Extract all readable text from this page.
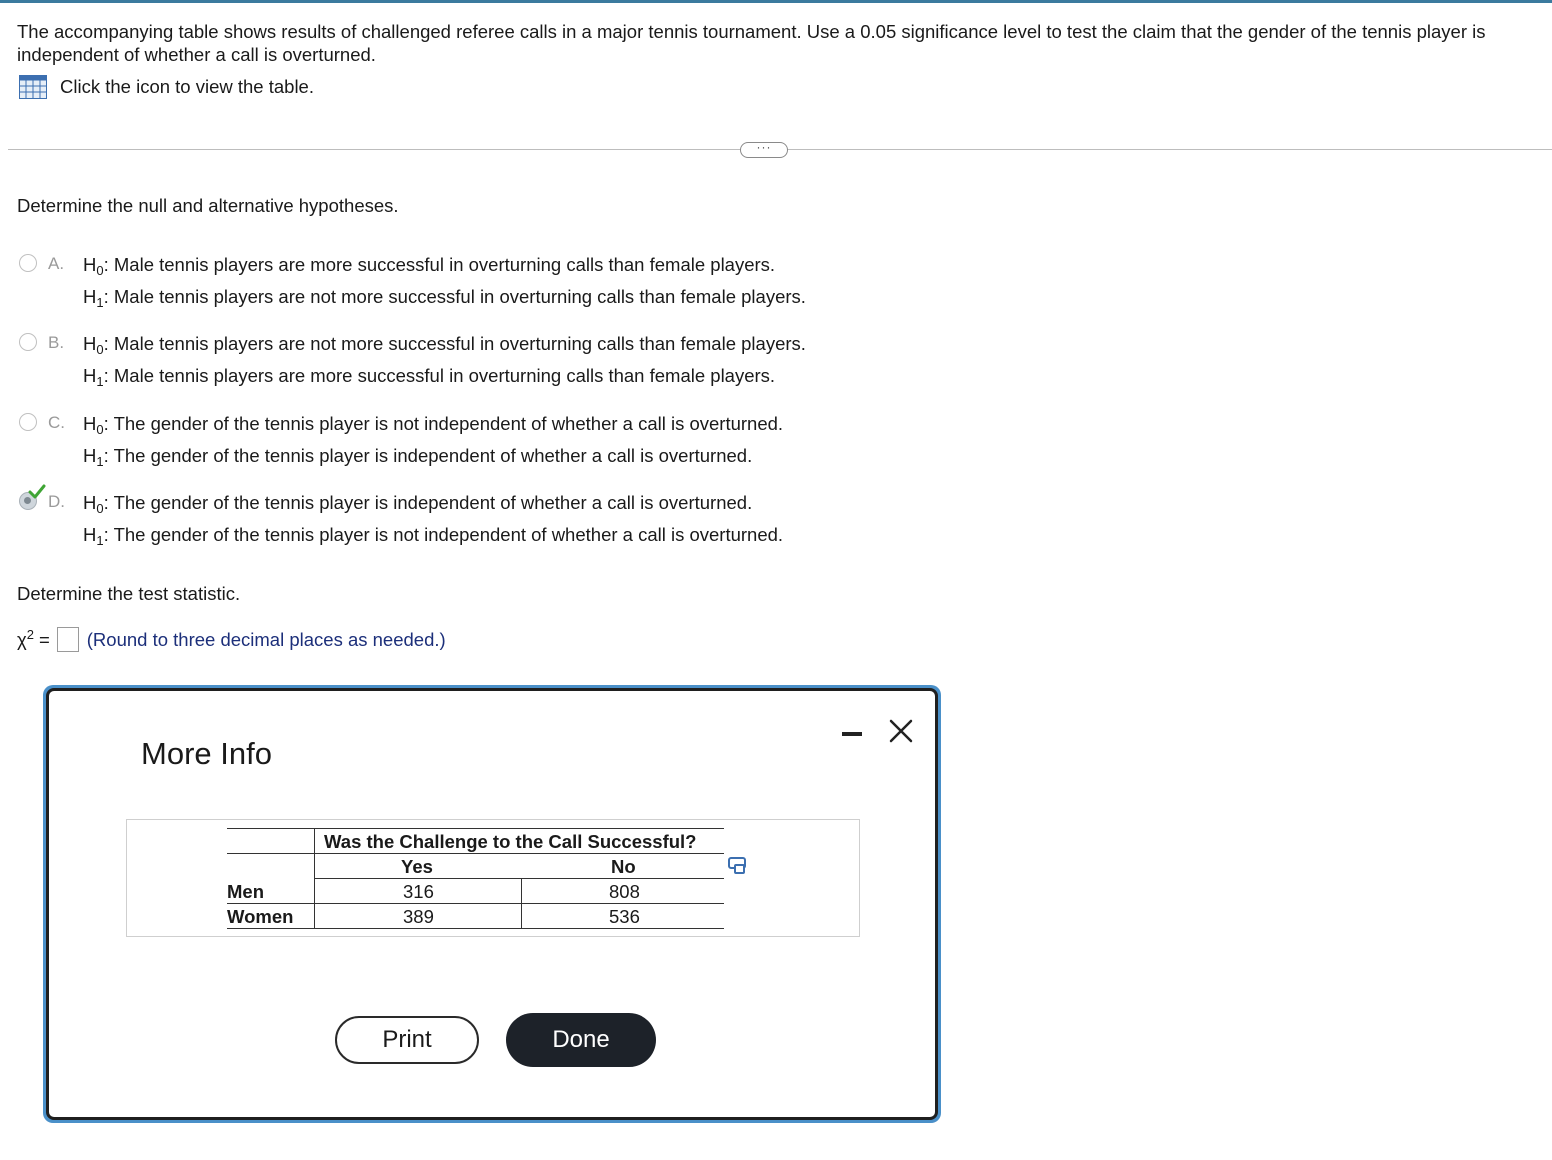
The accompanying table shows results of challenged referee calls in a major tennis tournament. Use a 0.05 significance level to test the claim that the gender of the tennis player is independent of whether a call is overturned.
Click the icon to view the table.
···
Determine the null and alternative hypotheses.
A. $H_0$: Male tennis players are more successful in overturning calls than female players.
$H_1$: Male tennis players are not more successful in overturning calls than female players.
B. $H_0$: Male tennis players are not more successful in overturning calls than female players.
$H_1$: Male tennis players are more successful in overturning calls than female players.
C. $H_0$: The gender of the tennis player is not independent of whether a call is overturned.
$H_1$: The gender of the tennis player is independent of whether a call is overturned.
D. $H_0$: The gender of the tennis player is independent of whether a call is overturned.
$H_1$: The gender of the tennis player is not independent of whether a call is overturned.
Determine the test statistic.
$\chi^2$ = (Round to three decimal places as needed.)
More Info
Was the Challenge to the Call Successful?
Yes	No
Men	316	808
Women	389	536
Print	Done
